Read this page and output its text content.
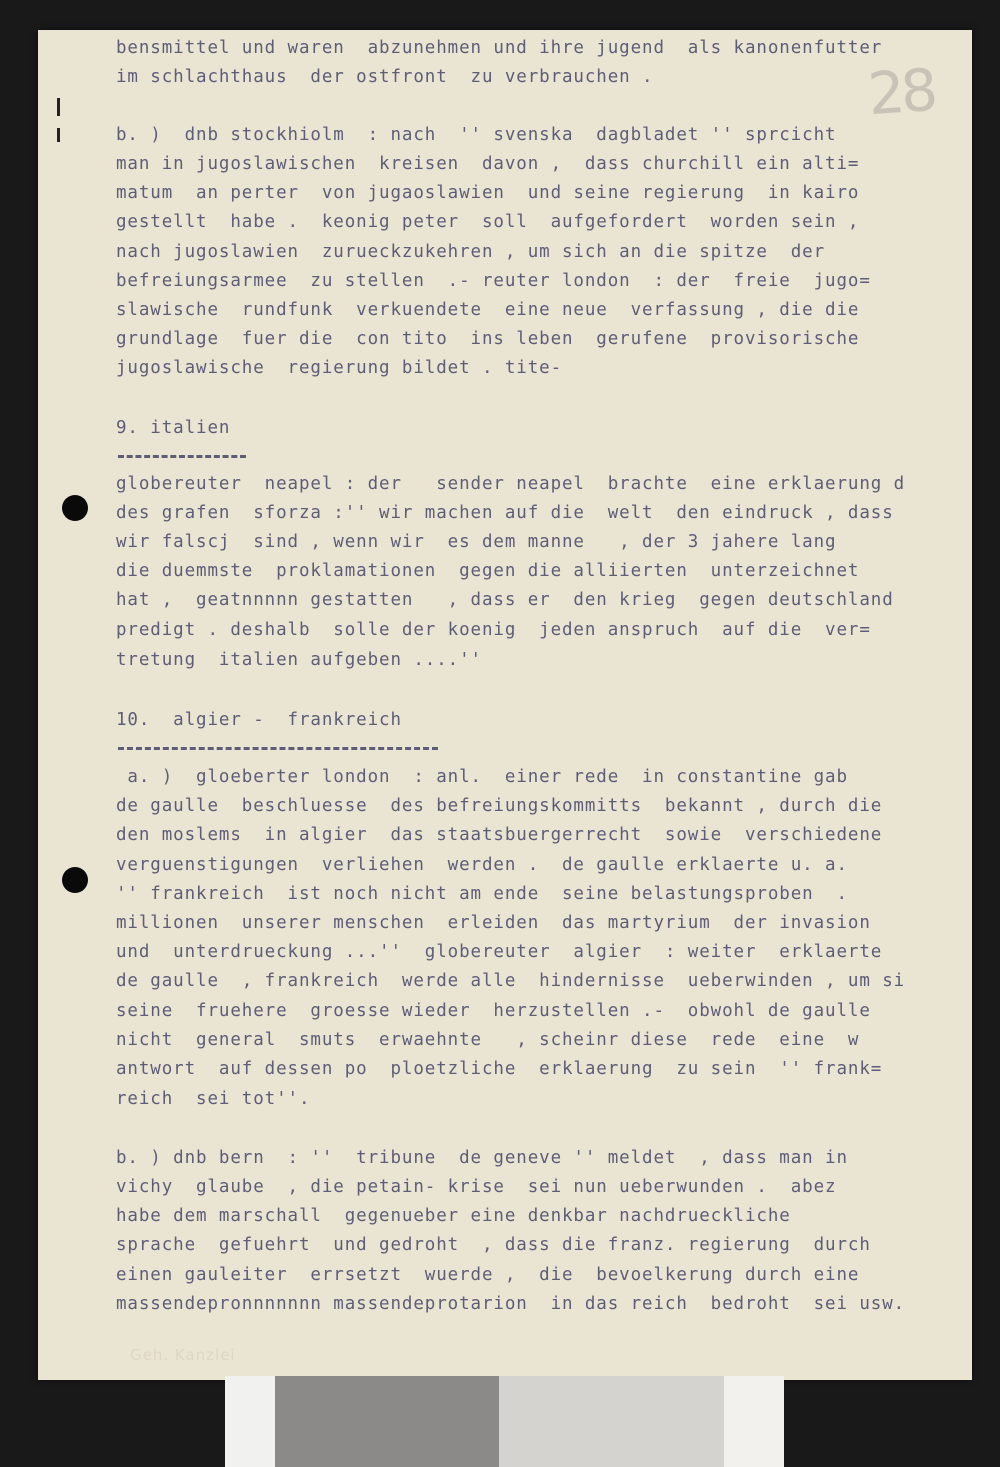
28
bensmittel und waren  abzunehmen und ihre jugend  als kanonenfutter
im schlachthaus  der ostfront  zu verbrauchen .
b. )  dnb stockhiolm  : nach  '' svenska  dagbladet '' sprcicht
man in jugoslawischen  kreisen  davon ,  dass churchill ein alti=
matum  an perter  von jugaoslawien  und seine regierung  in kairo
gestellt  habe .  keonig peter  soll  aufgefordert  worden sein ,
nach jugoslawien  zurueckzukehren , um sich an die spitze  der
befreiungsarmee  zu stellen  .- reuter london  : der  freie  jugo=
slawische  rundfunk  verkuendete  eine neue  verfassung , die die
grundlage  fuer die  con tito  ins leben  gerufene  provisorische
jugoslawische  regierung bildet . tite-
9. italien
globereuter  neapel : der   sender neapel  brachte  eine erklaerung d
des grafen  sforza :'' wir machen auf die  welt  den eindruck , dass
wir falscj  sind , wenn wir  es dem manne   , der 3 jahere lang
die duemmste  proklamationen  gegen die alliierten  unterzeichnet
hat ,  geatnnnnn gestatten   , dass er  den krieg  gegen deutschland
predigt . deshalb  solle der koenig  jeden anspruch  auf die  ver=
tretung  italien aufgeben ....''
10.  algier -  frankreich
a. )  gloeberter london  : anl.  einer rede  in constantine gab
de gaulle  beschluesse  des befreiungskommitts  bekannt , durch die
den moslems  in algier  das staatsbuergerrecht  sowie  verschiedene
verguenstigungen  verliehen  werden .  de gaulle erklaerte u. a.
'' frankreich  ist noch nicht am ende  seine belastungsproben  .
millionen  unserer menschen  erleiden  das martyrium  der invasion
und  unterdrueckung ...''  globereuter  algier  : weiter  erklaerte
de gaulle  , frankreich  werde alle  hindernisse  ueberwinden , um si
seine  fruehere  groesse wieder  herzustellen .-  obwohl de gaulle
nicht  general  smuts  erwaehnte   , scheinr diese  rede  eine  w
antwort  auf dessen po  ploetzliche  erklaerung  zu sein  '' frank=
reich  sei tot''.
b. ) dnb bern  : ''  tribune  de geneve '' meldet  , dass man in
vichy  glaube  , die petain- krise  sei nun ueberwunden .  abez
habe dem marschall  gegenueber eine denkbar nachdrueckliche
sprache  gefuehrt  und gedroht  , dass die franz. regierung  durch
einen gauleiter  errsetzt  wuerde ,  die  bevoelkerung durch eine
massendepronnnnnnn massendeprotarion  in das reich  bedroht  sei usw.
Geh. Kanzlei
